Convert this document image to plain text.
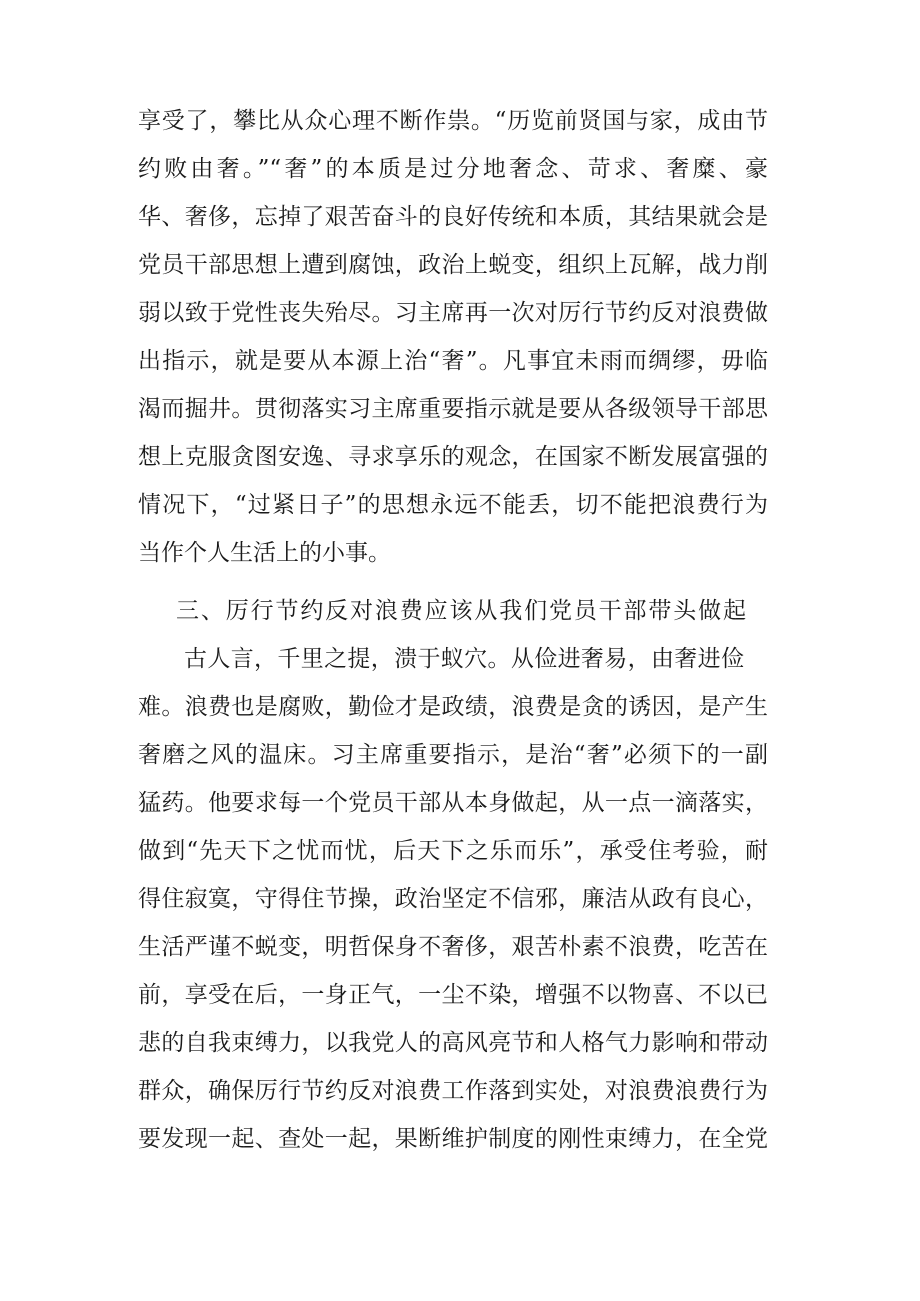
享受了，攀比从众心理不断作祟。“历览前贤国与家，成由节
约败由奢。”“奢”的本质是过分地奢念、苛求、奢糜、豪
华、奢侈，忘掉了艰苦奋斗的良好传统和本质，其结果就会是
党员干部思想上遭到腐蚀，政治上蜕变，组织上瓦解，战力削
弱以致于党性丧失殆尽。习主席再一次对厉行节约反对浪费做
出指示，就是要从本源上治“奢”。凡事宜未雨而绸缪，毋临
渴而掘井。贯彻落实习主席重要指示就是要从各级领导干部思
想上克服贪图安逸、寻求享乐的观念，在国家不断发展富强的
情况下，“过紧日子”的思想永远不能丢，切不能把浪费行为
当作个人生活上的小事。
三、厉行节约反对浪费应该从我们党员干部带头做起
古人言，千里之提，溃于蚁穴。从俭进奢易，由奢进俭
难。浪费也是腐败，勤俭才是政绩，浪费是贪的诱因，是产生
奢磨之风的温床。习主席重要指示，是治“奢”必须下的一副
猛药。他要求每一个党员干部从本身做起，从一点一滴落实，
做到“先天下之忧而忧，后天下之乐而乐”，承受住考验，耐
得住寂寞，守得住节操，政治坚定不信邪，廉洁从政有良心，
生活严谨不蜕变，明哲保身不奢侈，艰苦朴素不浪费，吃苦在
前，享受在后，一身正气，一尘不染，增强不以物喜、不以已
悲的自我束缚力，以我党人的高风亮节和人格气力影响和带动
群众，确保厉行节约反对浪费工作落到实处，对浪费浪费行为
要发现一起、查处一起，果断维护制度的刚性束缚力，在全党
